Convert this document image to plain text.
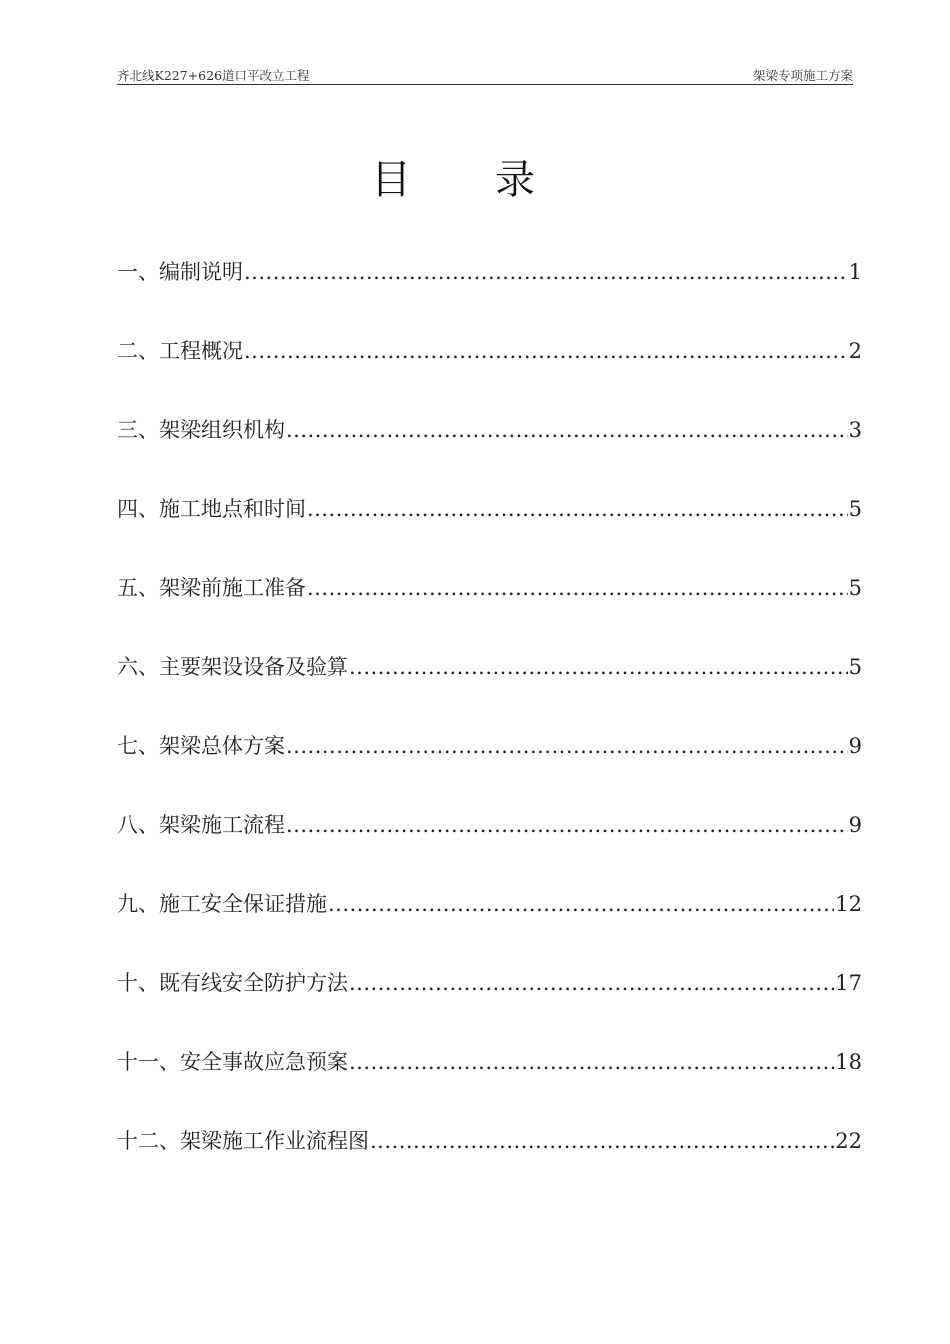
齐北线K227+626道口平改立工程	架梁专项施工方案
目录
一、编制说明 .....	1
二、工程概况 .....	2
三、架梁组织机构 .....	3
四、施工地点和时间 .....	5
五、架梁前施工准备 .....	5
六、主要架设设备及验算 .....	5
七、架梁总体方案 .....	9
八、架梁施工流程 .....	9
九、施工安全保证措施 .....	12
十、既有线安全防护方法 .....	17
十一、安全事故应急预案 .....	18
十二、架梁施工作业流程图 .....	22
